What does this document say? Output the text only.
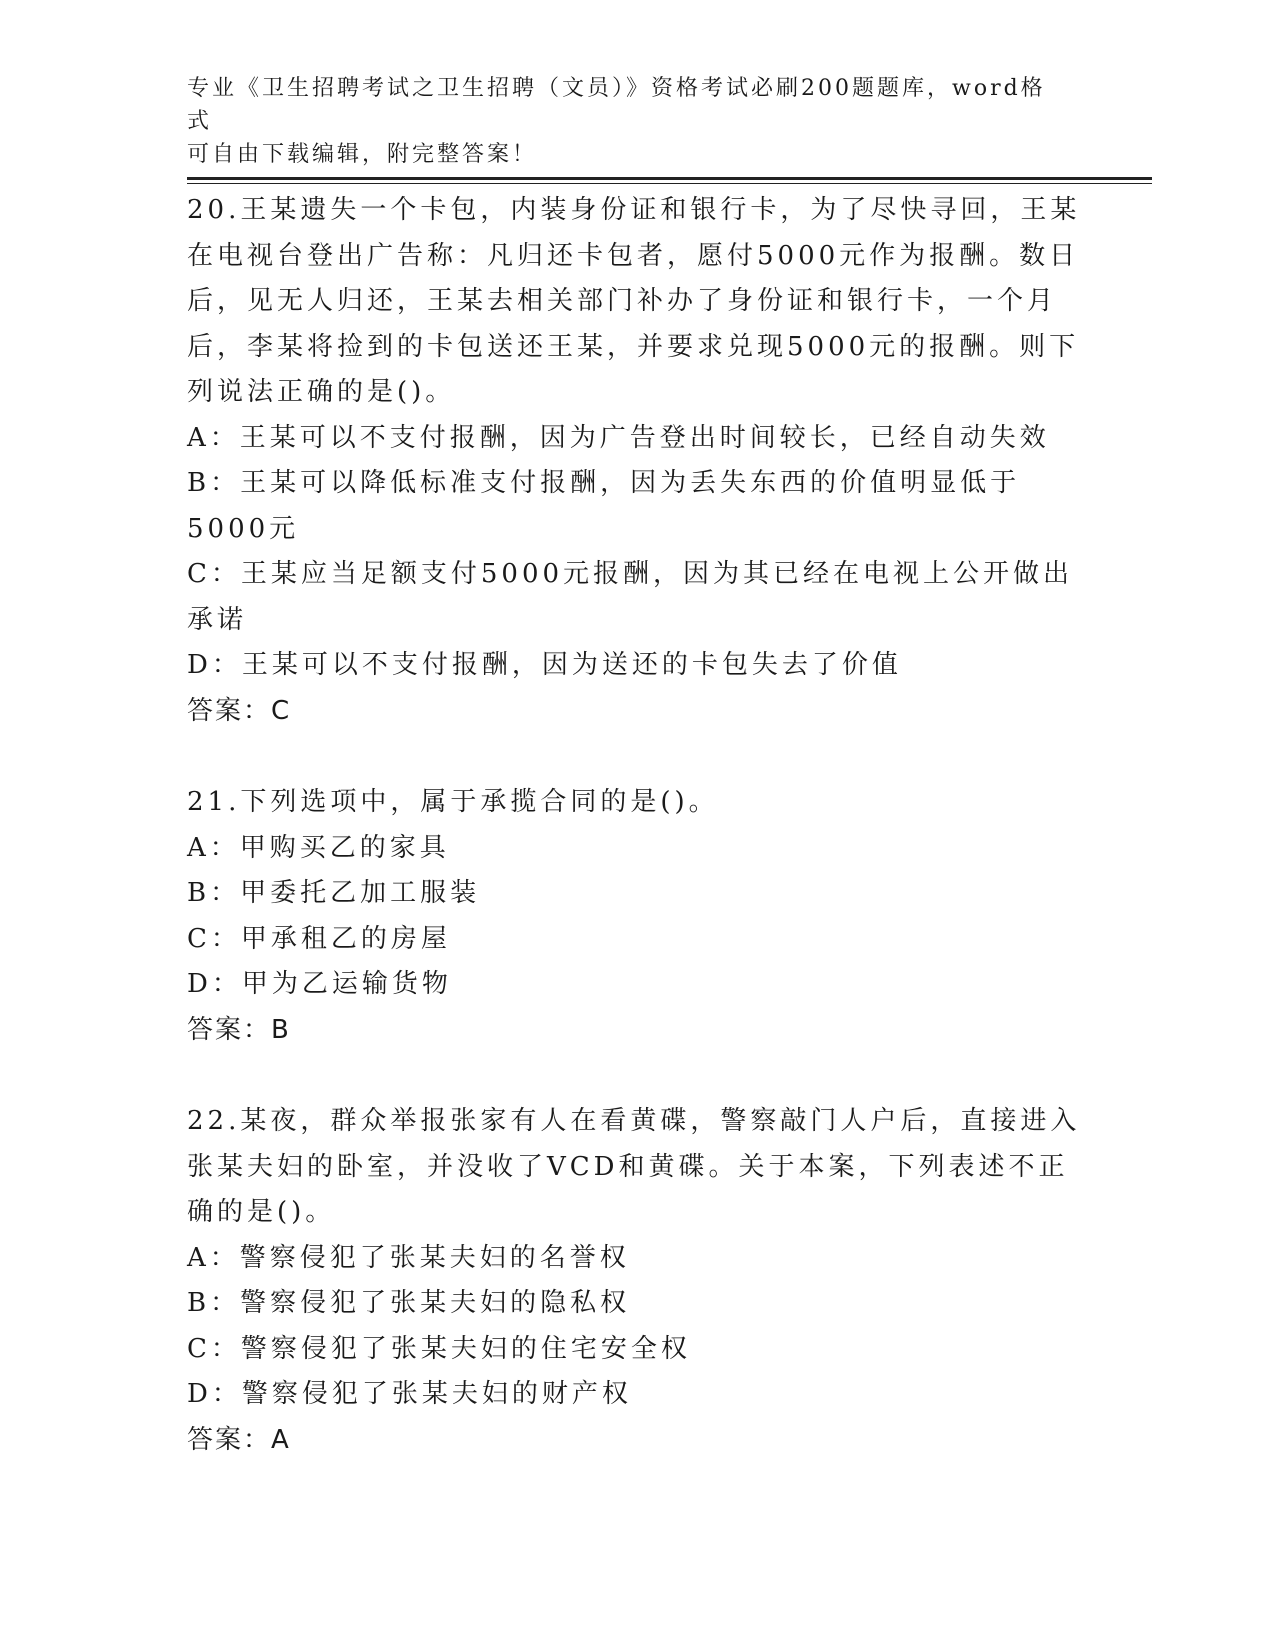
专业《卫生招聘考试之卫生招聘（文员）》资格考试必刷200题题库，word格式
可自由下载编辑，附完整答案！

20.王某遗失一个卡包，内装身份证和银行卡，为了尽快寻回，王某在电视台登出广告称：凡归还卡包者，愿付5000元作为报酬。数日后，见无人归还，王某去相关部门补办了身份证和银行卡，一个月后，李某将捡到的卡包送还王某，并要求兑现5000元的报酬。则下列说法正确的是()。

A：王某可以不支付报酬，因为广告登出时间较长，已经自动失效

B：王某可以降低标准支付报酬，因为丢失东西的价值明显低于5000元

C：王某应当足额支付5000元报酬，因为其已经在电视上公开做出承诺

D：王某可以不支付报酬，因为送还的卡包失去了价值

答案：C

21.下列选项中，属于承揽合同的是()。

A：甲购买乙的家具

B：甲委托乙加工服装

C：甲承租乙的房屋

D：甲为乙运输货物

答案：B

22.某夜，群众举报张家有人在看黄碟，警察敲门人户后，直接进入张某夫妇的卧室，并没收了VCD和黄碟。关于本案，下列表述不正确的是()。

A：警察侵犯了张某夫妇的名誉权

B：警察侵犯了张某夫妇的隐私权

C：警察侵犯了张某夫妇的住宅安全权

D：警察侵犯了张某夫妇的财产权

答案：A
